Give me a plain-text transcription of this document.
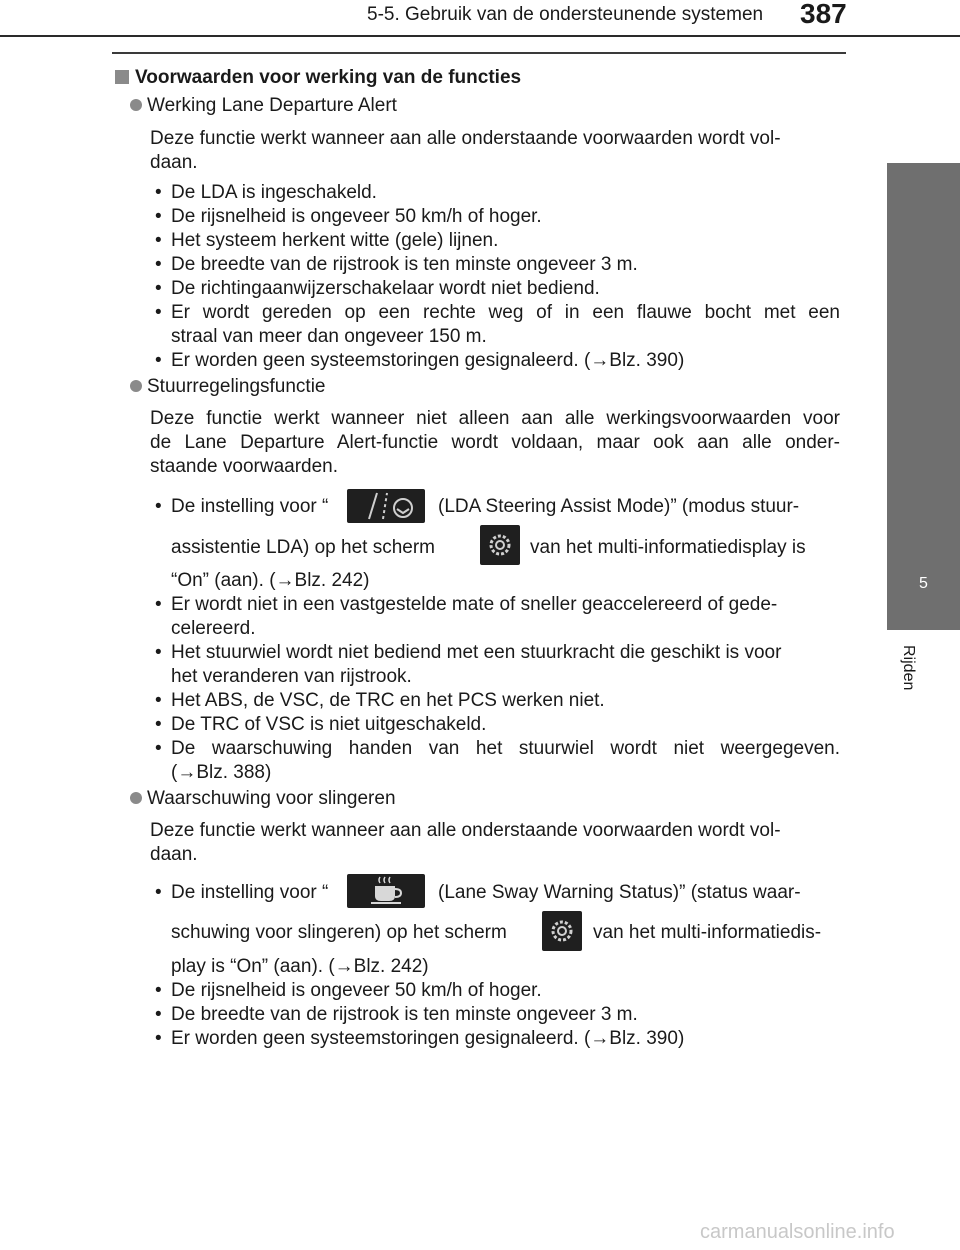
5-5. Gebruik van de ondersteunende systemen 387
5
Rijden
Voorwaarden voor werking van de functies
Werking Lane Departure Alert
Deze functie werkt wanneer aan alle onderstaande voorwaarden wordt vol-
daan.
• De LDA is ingeschakeld.
• De rijsnelheid is ongeveer 50 km/h of hoger.
• Het systeem herkent witte (gele) lijnen.
• De breedte van de rijstrook is ten minste ongeveer 3 m.
• De richtingaanwijzerschakelaar wordt niet bediend.
• Er wordt gereden op een rechte weg of in een flauwe bocht met een
straal van meer dan ongeveer 150 m.
• Er worden geen systeemstoringen gesignaleerd. (→Blz. 390)
Stuurregelingsfunctie
Deze functie werkt wanneer niet alleen aan alle werkingsvoorwaarden voor
de Lane Departure Alert-functie wordt voldaan, maar ook aan alle onder-
staande voorwaarden.
• De instelling voor “	(LDA Steering Assist Mode)” (modus stuur-
assistentie LDA) op het scherm	van het multi-informatiedisplay is
“On” (aan). (→Blz. 242)
• Er wordt niet in een vastgestelde mate of sneller geaccelereerd of gede-
celereerd.
• Het stuurwiel wordt niet bediend met een stuurkracht die geschikt is voor
het veranderen van rijstrook.
• Het ABS, de VSC, de TRC en het PCS werken niet.
• De TRC of VSC is niet uitgeschakeld.
• De waarschuwing handen van het stuurwiel wordt niet weergegeven.
(→Blz. 388)
Waarschuwing voor slingeren
Deze functie werkt wanneer aan alle onderstaande voorwaarden wordt vol-
daan.
• De instelling voor “	(Lane Sway Warning Status)” (status waar-
schuwing voor slingeren) op het scherm	van het multi-informatiedis-
play is “On” (aan). (→Blz. 242)
• De rijsnelheid is ongeveer 50 km/h of hoger.
• De breedte van de rijstrook is ten minste ongeveer 3 m.
• Er worden geen systeemstoringen gesignaleerd. (→Blz. 390)
carmanualsonline.info
